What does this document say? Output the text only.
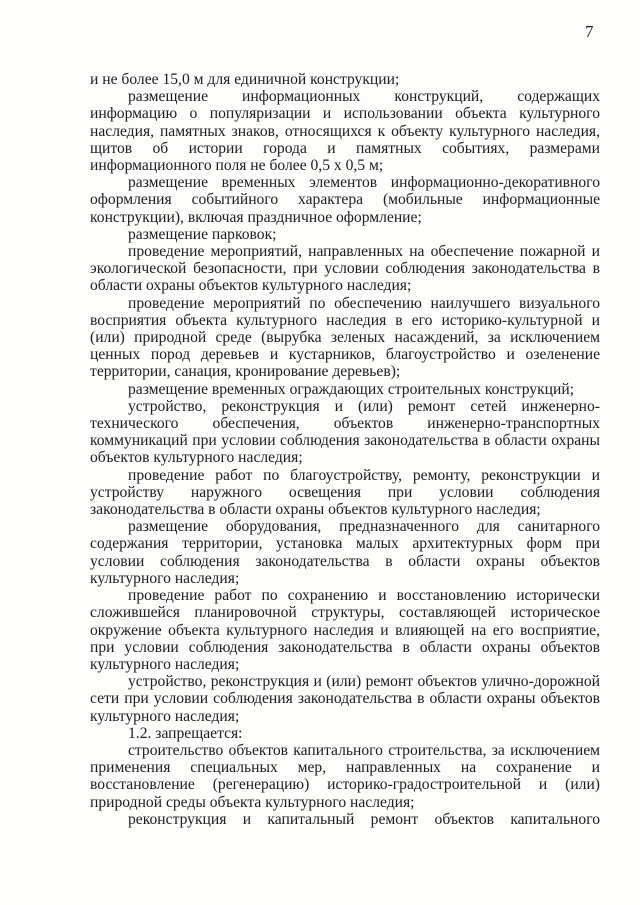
7

и не более 15,0 м для единичной конструкции;

размещение информационных конструкций, содержащих информацию о популяризации и использовании объекта культурного наследия, памятных знаков, относящихся к объекту культурного наследия, щитов об истории города и памятных событиях, размерами информационного поля не более 0,5 х 0,5 м;

размещение временных элементов информационно-декоративного оформления событийного характера (мобильные информационные конструкции), включая праздничное оформление;

размещение парковок;

проведение мероприятий, направленных на обеспечение пожарной и экологической безопасности, при условии соблюдения законодательства в области охраны объектов культурного наследия;

проведение мероприятий по обеспечению наилучшего визуального восприятия объекта культурного наследия в его историко-культурной и (или) природной среде (вырубка зеленых насаждений, за исключением ценных пород деревьев и кустарников, благоустройство и озеленение территории, санация, кронирование деревьев);

размещение временных ограждающих строительных конструкций;

устройство, реконструкция и (или) ремонт сетей инженерно-технического обеспечения, объектов инженерно-транспортных коммуникаций при условии соблюдения законодательства в области охраны объектов культурного наследия;

проведение работ по благоустройству, ремонту, реконструкции и устройству наружного освещения при условии соблюдения законодательства в области охраны объектов культурного наследия;

размещение оборудования, предназначенного для санитарного содержания территории, установка малых архитектурных форм при условии соблюдения законодательства в области охраны объектов культурного наследия;

проведение работ по сохранению и восстановлению исторически сложившейся планировочной структуры, составляющей историческое окружение объекта культурного наследия и влияющей на его восприятие, при условии соблюдения законодательства в области охраны объектов культурного наследия;

устройство, реконструкция и (или) ремонт объектов улично-дорожной сети при условии соблюдения законодательства в области охраны объектов культурного наследия;

1.2. запрещается:

строительство объектов капитального строительства, за исключением применения специальных мер, направленных на сохранение и восстановление (регенерацию) историко-градостроительной и (или) природной среды объекта культурного наследия;

реконструкция и капитальный ремонт объектов капитального
